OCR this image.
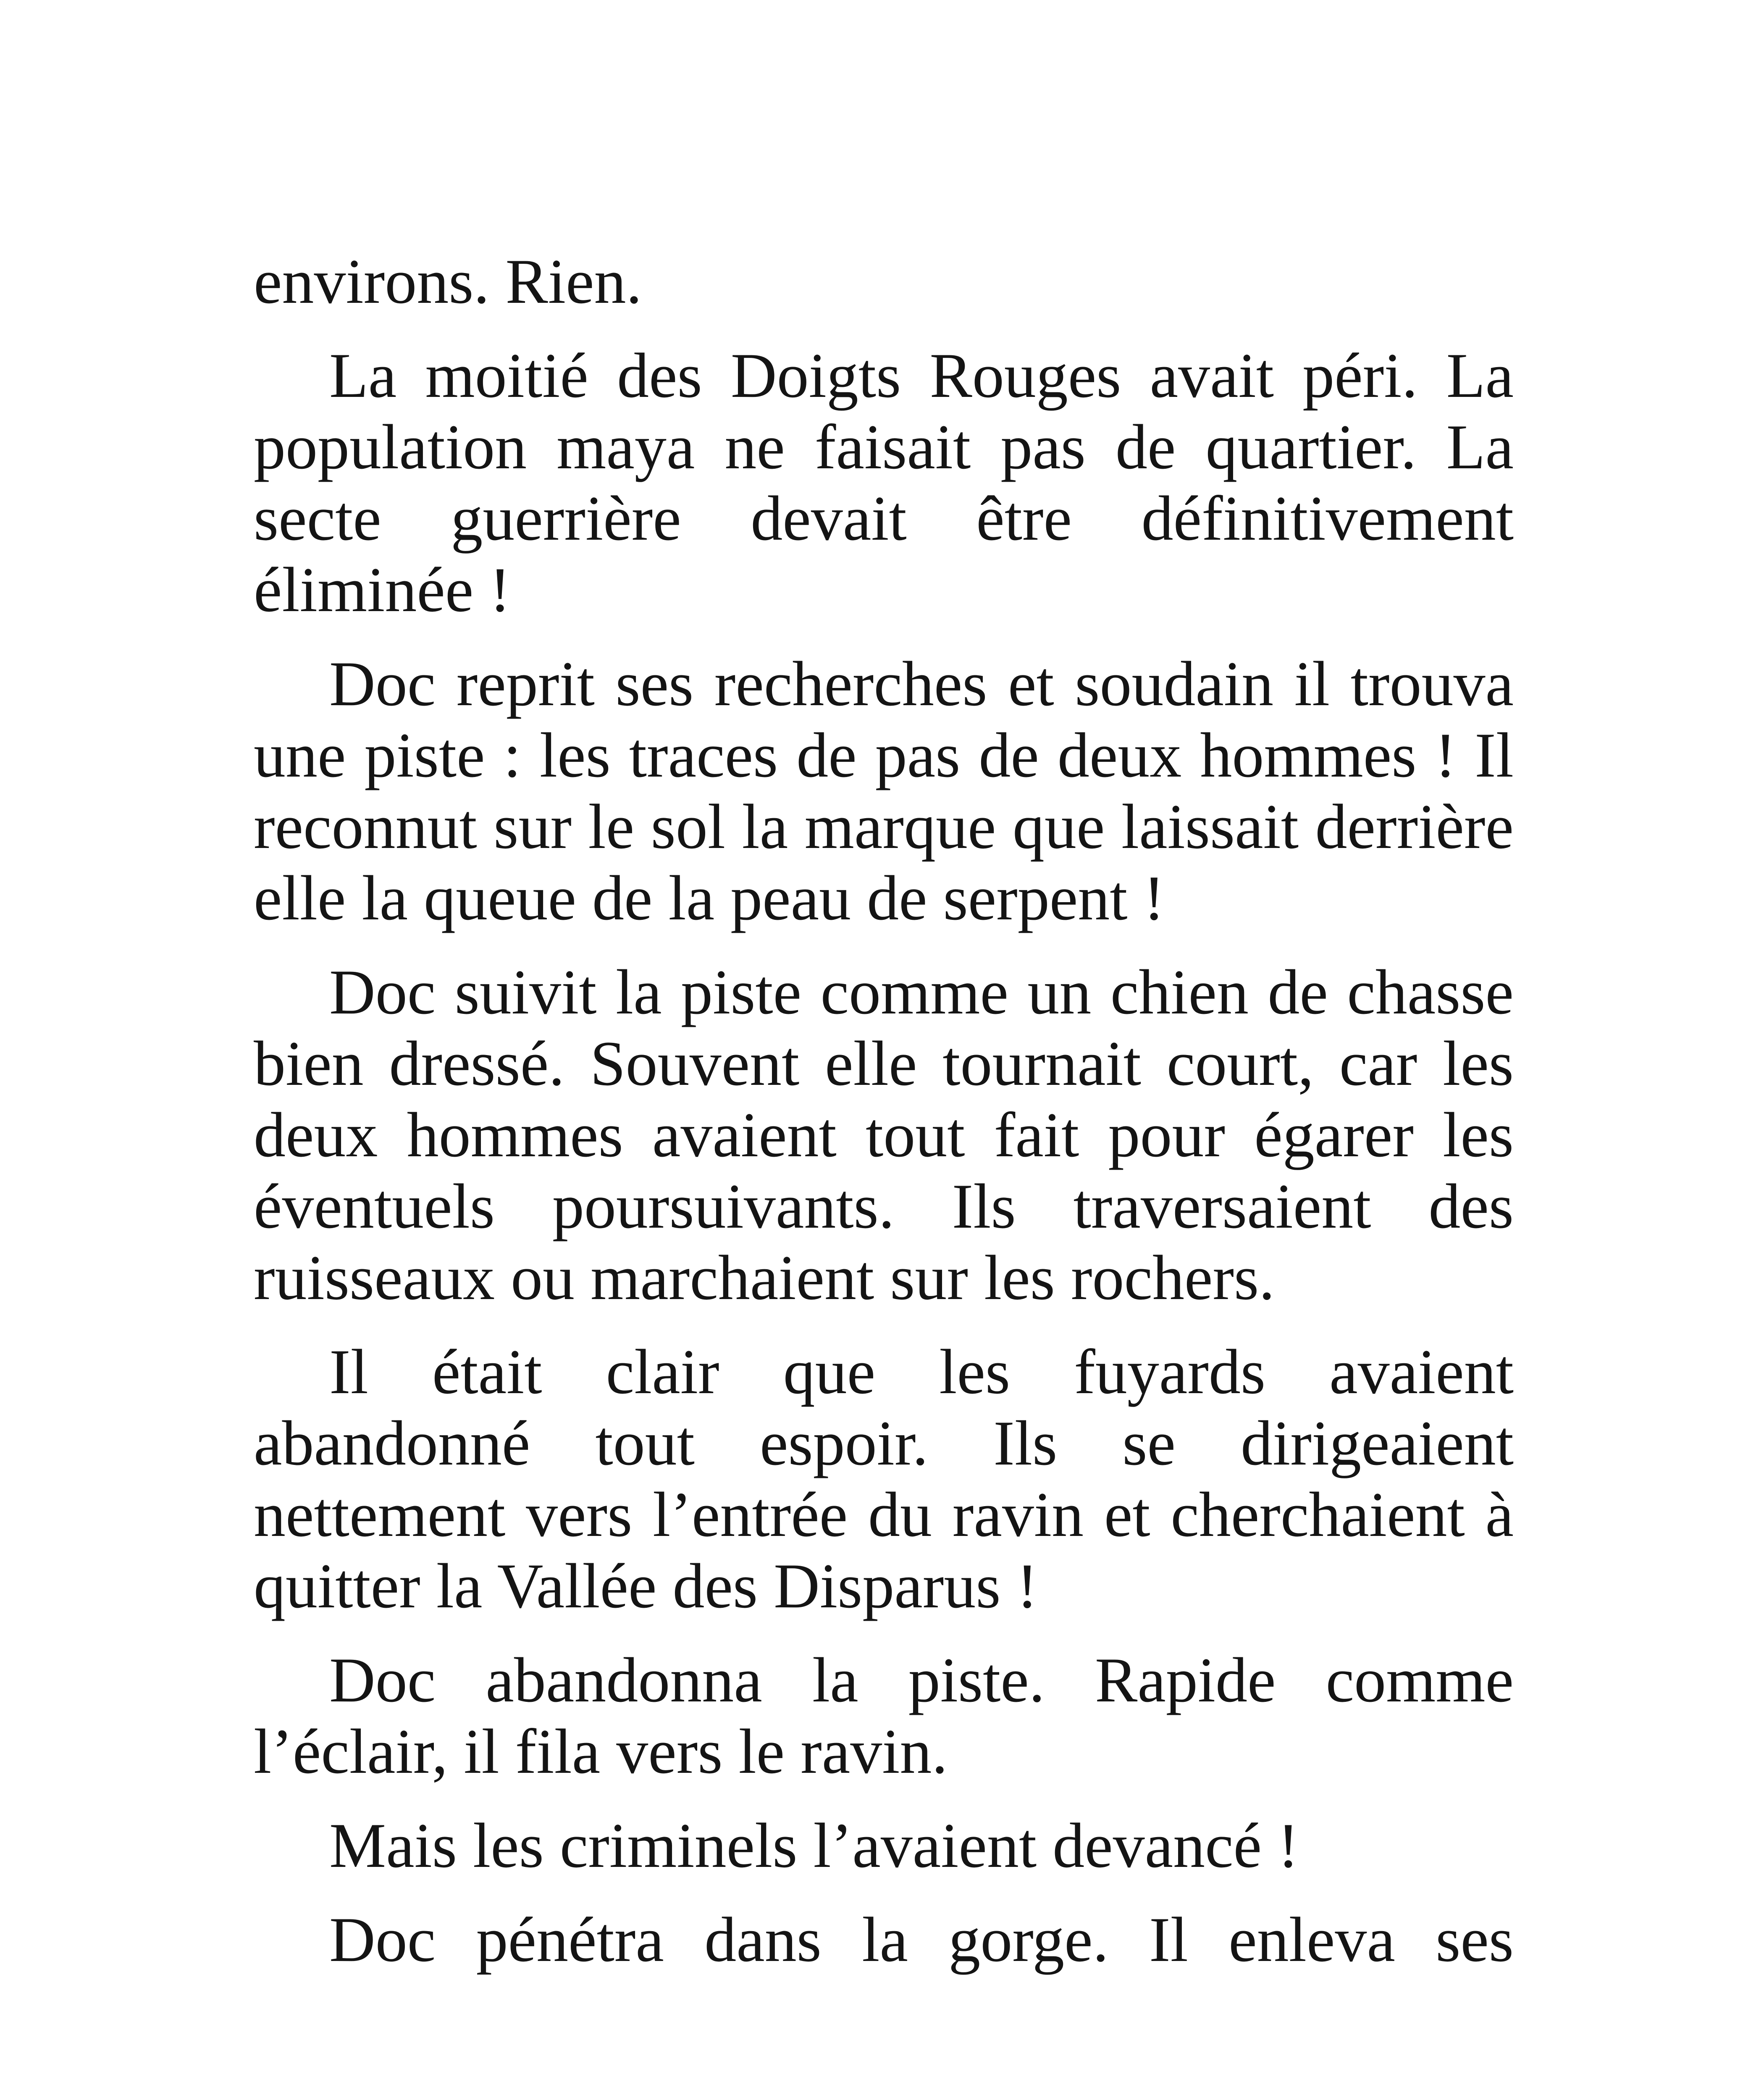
environs. Rien.

La moitié des Doigts Rouges avait péri. La population maya ne faisait pas de quartier. La secte guerrière devait être définitivement éliminée !

Doc reprit ses recherches et soudain il trouva une piste : les traces de pas de deux hommes ! Il reconnut sur le sol la marque que laissait derrière elle la queue de la peau de serpent !

Doc suivit la piste comme un chien de chasse bien dressé. Souvent elle tournait court, car les deux hommes avaient tout fait pour égarer les éventuels poursuivants. Ils traversaient des ruisseaux ou marchaient sur les rochers.

Il était clair que les fuyards avaient abandonné tout espoir. Ils se dirigeaient nettement vers l’entrée du ravin et cherchaient à quitter la Vallée des Disparus !

Doc abandonna la piste. Rapide comme l’éclair, il fila vers le ravin.

Mais les criminels l’avaient devancé !

Doc pénétra dans la gorge. Il enleva ses
